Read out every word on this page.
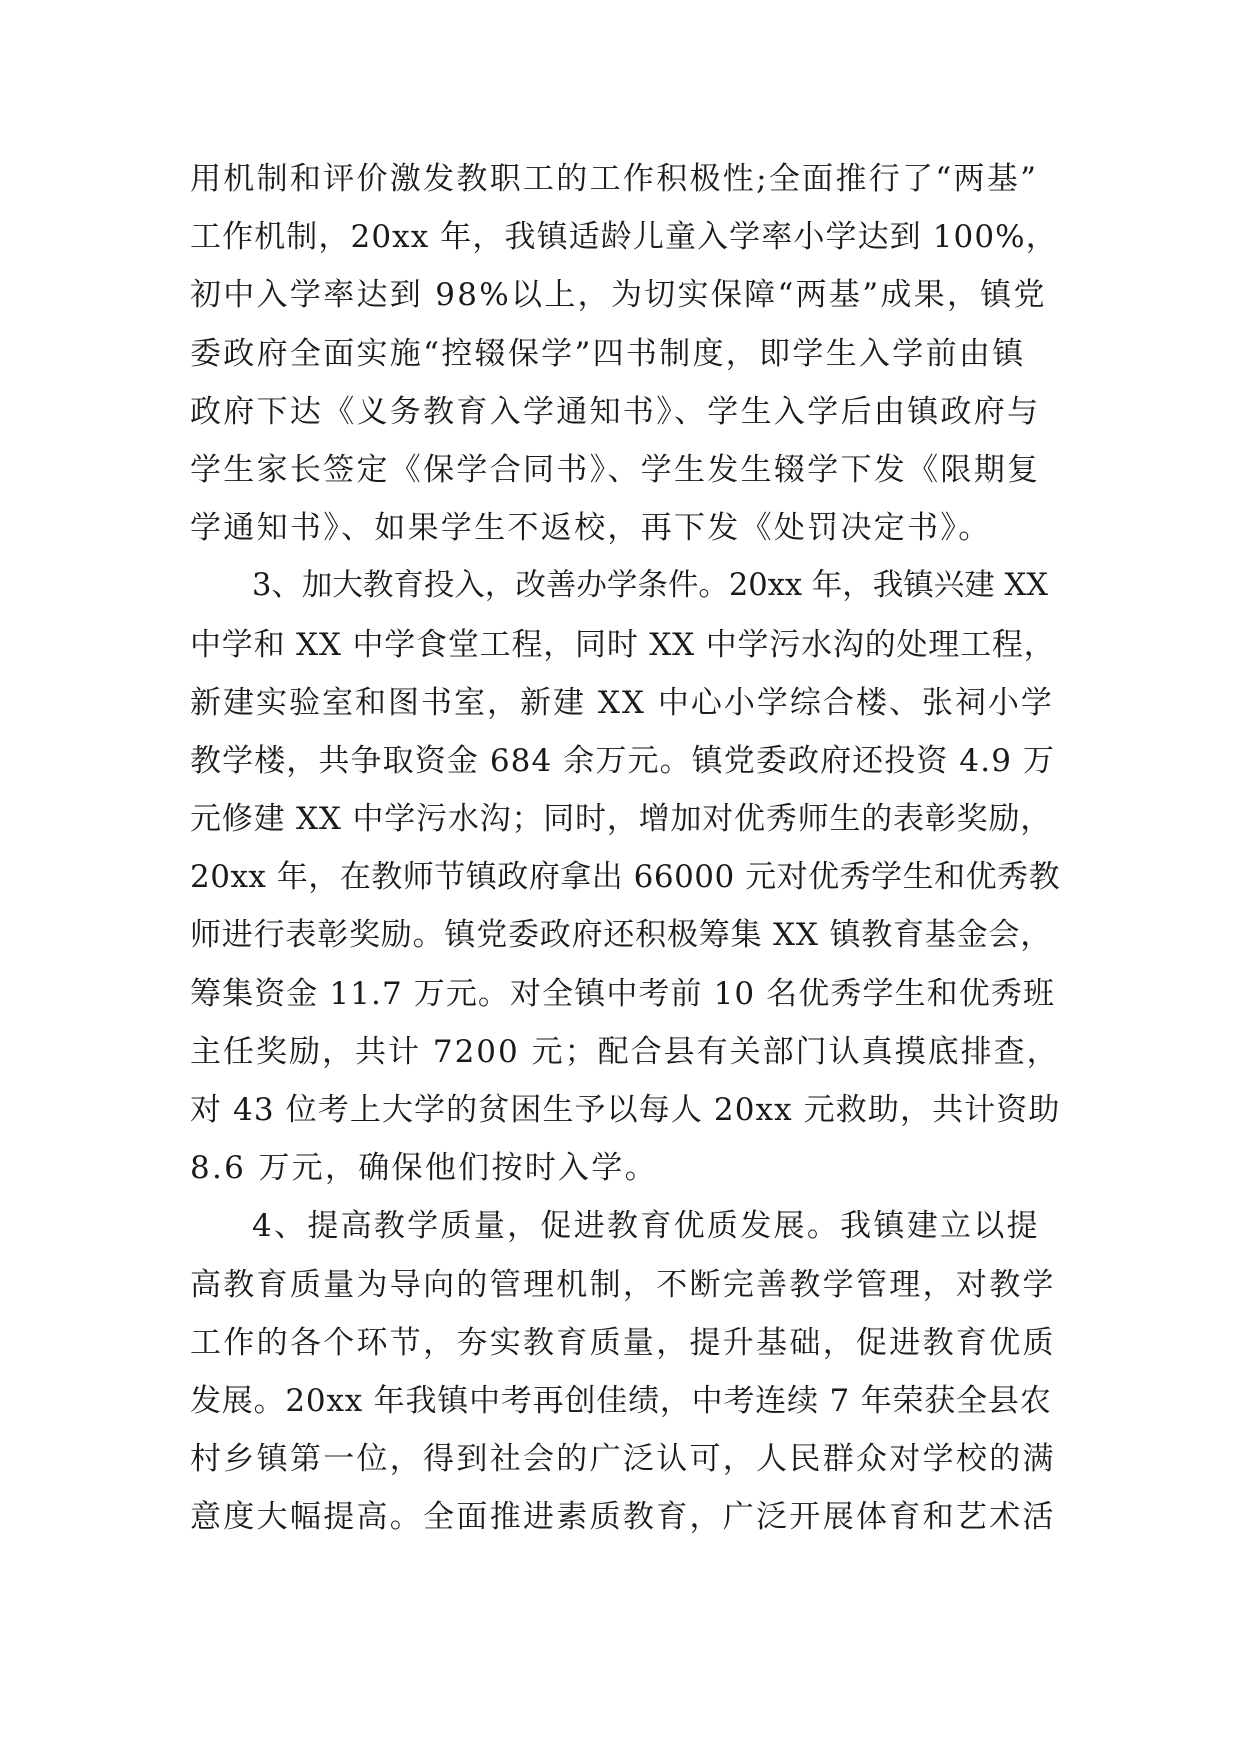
用机制和评价激发教职工的工作积极性;全面推行了“两基”
工作机制，20xx 年，我镇适龄儿童入学率小学达到 100%，
初中入学率达到 98%以上，为切实保障“两基”成果，镇党
委政府全面实施“控辍保学”四书制度，即学生入学前由镇
政府下达《义务教育入学通知书》、学生入学后由镇政府与
学生家长签定《保学合同书》、学生发生辍学下发《限期复
学通知书》、如果学生不返校，再下发《处罚决定书》。
3、加大教育投入，改善办学条件。20xx 年，我镇兴建 XX
中学和 XX 中学食堂工程，同时 XX 中学污水沟的处理工程，
新建实验室和图书室，新建 XX 中心小学综合楼、张祠小学
教学楼，共争取资金 684 余万元。镇党委政府还投资 4.9 万
元修建 XX 中学污水沟；同时，增加对优秀师生的表彰奖励，
20xx 年，在教师节镇政府拿出 66000 元对优秀学生和优秀教
师进行表彰奖励。镇党委政府还积极筹集 XX 镇教育基金会，
筹集资金 11.7 万元。对全镇中考前 10 名优秀学生和优秀班
主任奖励，共计 7200 元；配合县有关部门认真摸底排查，
对 43 位考上大学的贫困生予以每人 20xx 元救助，共计资助
8.6 万元，确保他们按时入学。
4、提高教学质量，促进教育优质发展。我镇建立以提
高教育质量为导向的管理机制，不断完善教学管理，对教学
工作的各个环节，夯实教育质量，提升基础，促进教育优质
发展。20xx 年我镇中考再创佳绩，中考连续 7 年荣获全县农
村乡镇第一位，得到社会的广泛认可，人民群众对学校的满
意度大幅提高。全面推进素质教育，广泛开展体育和艺术活
